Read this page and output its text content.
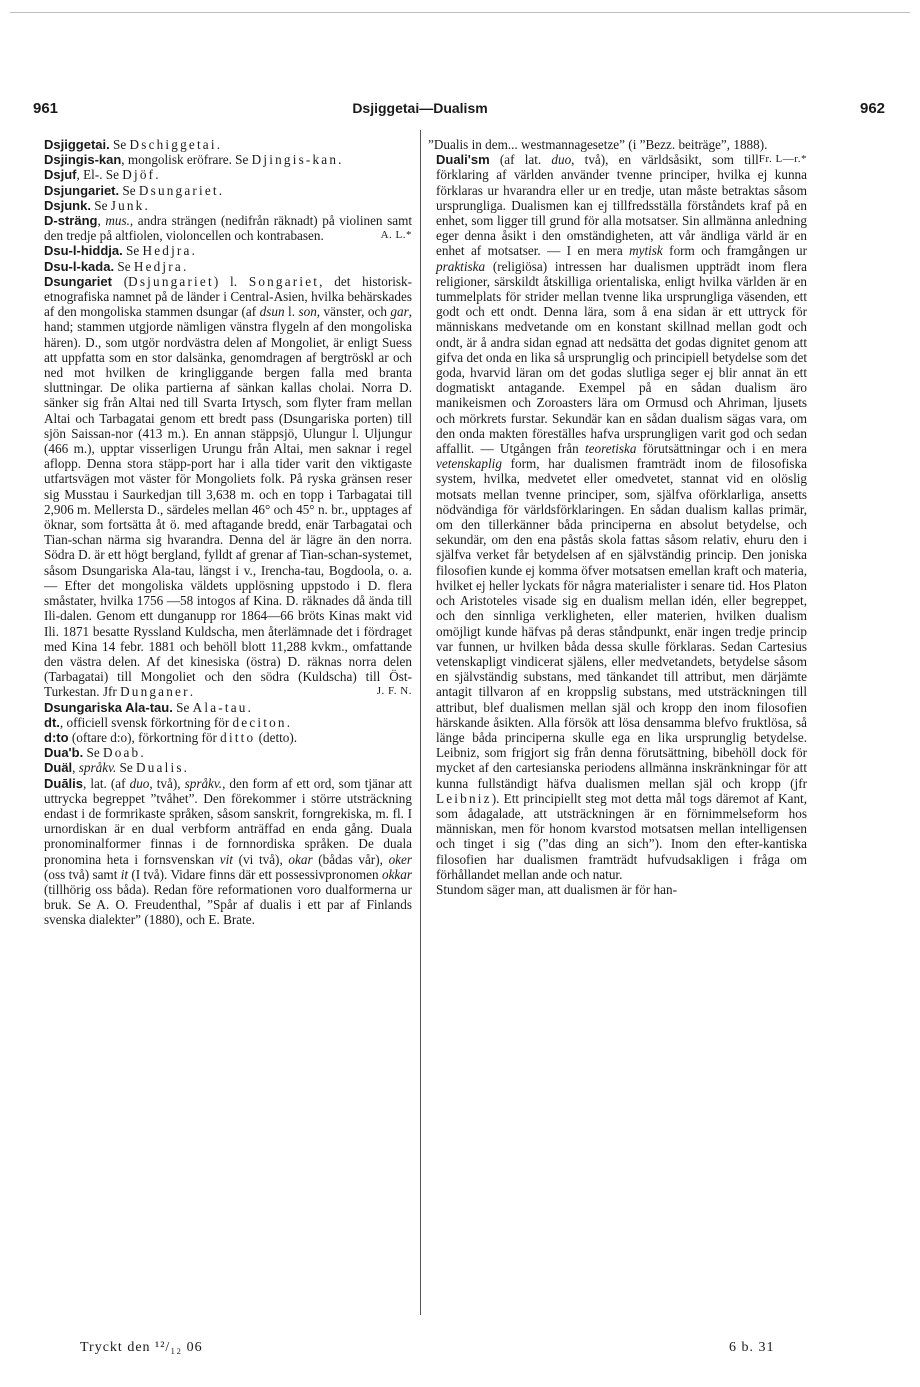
961	Dsjiggetai—Dualism	962

Dsjiggetai. Se Dschiggetai.

Dsjingis-kan, mongolisk eröfrare. Se Djingis-kan.

Dsjuf, El-. Se Djöf.

Dsjungariet. Se Dsungariet.

Dsjunk. Se Junk.

D-sträng, mus., andra strängen (nedifrån räknadt) på violinen samt den tredje på altfiolen, violoncellen och kontrabasen.	A. L.*

Dsu-l-hiddja. Se Hedjra.

Dsu-l-kada. Se Hedjra.

Dsungariet (Dsjungariet) l. Songariet, det historisk-etnografiska namnet på de länder i Central-Asien, hvilka behärskades af den mongoliska stammen dsungar (af dsun l. son, vänster, och gar, hand; stammen utgjorde nämligen vänstra flygeln af den mongoliska hären). D., som utgör nordvästra delen af Mongoliet, är enligt Suess att uppfatta som en stor dalsänka, genomdragen af bergtröskl ar och ned mot hvilken de kringliggande bergen falla med branta sluttningar. De olika partierna af sänkan kallas cholai. Norra D. sänker sig från Altai ned till Svarta Irtysch, som flyter fram mellan Altai och Tarbagatai genom ett bredt pass (Dsungariska porten) till sjön Saissan-nor (413 m.). En annan stäppsjö, Ulungur l. Uljungur (466 m.), upptar visserligen Urungu från Altai, men saknar i regel aflopp. Denna stora stäpp-port har i alla tider varit den viktigaste utfartsvägen mot väster för Mongoliets folk. På ryska gränsen reser sig Musstau i Saurkedjan till 3,638 m. och en topp i Tarbagatai till 2,906 m. Mellersta D., särdeles mellan 46° och 45° n. br., upptages af öknar, som fortsätta åt ö. med aftagande bredd, enär Tarbagatai och Tian-schan närma sig hvarandra. Denna del är lägre än den norra. Södra D. är ett högt bergland, fylldt af grenar af Tian-schan-systemet, såsom Dsungariska Ala-tau, längst i v., Irencha-tau, Bogdoola, o. a. — Efter det mongoliska väldets upplösning uppstodo i D. flera småstater, hvilka 1756 —58 intogos af Kina. D. räknades då ända till Ili-dalen. Genom ett dunganupp ror 1864—66 bröts Kinas makt vid Ili. 1871 besatte Ryssland Kuldscha, men återlämnade det i fördraget med Kina 14 febr. 1881 och behöll blott 11,288 kvkm., omfattande den västra delen. Af det kinesiska (östra) D. räknas norra delen (Tarbagatai) till Mongoliet och den södra (Kuldscha) till Öst-Turkestan. Jfr Dunganer.	J. F. N.

Dsungariska Ala-tau. Se Ala-tau.

dt., officiell svensk förkortning för deciton.

d:to (oftare d:o), förkortning för ditto (detto).

Dua'b. Se Doab.

Duäl, språkv. Se Dualis.

Duālis, lat. (af duo, två), språkv., den form af ett ord, som tjänar att uttrycka begreppet ”tvåhet”. Den förekommer i större utsträckning endast i de formrikaste språken, såsom sanskrit, forngrekiska, m. fl. I urnordiskan är en dual verbform anträffad en enda gång. Duala pronominalformer finnas i de fornnordiska språken. De duala pronomina heta i fornsvenskan vit (vi två), okar (bådas vår), oker (oss två) samt it (I två). Vidare finns där ett possessivpronomen okkar (tillhörig oss båda). Redan före reformationen voro dualformerna ur bruk. Se A. O. Freudenthal, ”Spår af dualis i ett par af Finlands svenska dialekter” (1880), och E. Brate.

”Dualis in dem... westmannagesetze” (i ”Bezz. beiträge”, 1888).
Fr. L—r.*

Duali'sm (af lat. duo, två), en världsåsikt, som till förklaring af världen använder tvenne principer, hvilka ej kunna förklaras ur hvarandra eller ur en tredje, utan måste betraktas såsom ursprungliga. Dualismen kan ej tillfredsställa förståndets kraf på en enhet, som ligger till grund för alla motsatser. Sin allmänna anledning eger denna åsikt i den omständigheten, att vår ändliga värld är en enhet af motsatser. — I en mera mytisk form och framgången ur praktiska (religiösa) intressen har dualismen uppträdt inom flera religioner, särskildt åtskilliga orientaliska, enligt hvilka världen är en tummelplats för strider mellan tvenne lika ursprungliga väsenden, ett godt och ett ondt. Denna lära, som å ena sidan är ett uttryck för människans medvetande om en konstant skillnad mellan godt och ondt, är å andra sidan egnad att nedsätta det godas dignitet genom att gifva det onda en lika så ursprunglig och principiell betydelse som det goda, hvarvid läran om det godas slutliga seger ej blir annat än ett dogmatiskt antagande. Exempel på en sådan dualism äro manikeismen och Zoroasters lära om Ormusd och Ahriman, ljusets och mörkrets furstar. Sekundär kan en sådan dualism sägas vara, om den onda makten föreställes hafva ursprungligen varit god och sedan affallit. — Utgången från teoretiska förutsättningar och i en mera vetenskaplig form, har dualismen framträdt inom de filosofiska system, hvilka, medvetet eller omedvetet, stannat vid en olöslig motsats mellan tvenne principer, som, själfva oförklarliga, ansetts nödvändiga för världsförklaringen. En sådan dualism kallas primär, om den tillerkänner båda principerna en absolut betydelse, och sekundär, om den ena påstås skola fattas såsom relativ, ehuru den i själfva verket får betydelsen af en självständig princip. Den joniska filosofien kunde ej komma öfver motsatsen emellan kraft och materia, hvilket ej heller lyckats för några materialister i senare tid. Hos Platon och Aristoteles visade sig en dualism mellan idén, eller begreppet, och den sinnliga verkligheten, eller materien, hvilken dualism omöjligt kunde häfvas på deras ståndpunkt, enär ingen tredje princip var funnen, ur hvilken båda dessa skulle förklaras. Sedan Cartesius vetenskapligt vindicerat själens, eller medvetandets, betydelse såsom en självständig substans, med tänkandet till attribut, men därjämte antagit tillvaron af en kroppslig substans, med utsträckningen till attribut, blef dualismen mellan själ och kropp den inom filosofien härskande åsikten. Alla försök att lösa densamma blefvo fruktlösa, så länge båda principerna skulle ega en lika ursprunglig betydelse. Leibniz, som frigjort sig från denna förutsättning, bibehöll dock för mycket af den cartesianska periodens allmänna inskränkningar för att kunna fullständigt häfva dualismen mellan själ och kropp (jfr Leibniz). Ett principiellt steg mot detta mål togs däremot af Kant, som ådagalade, att utsträckningen är en förnimmelseform hos människan, men för honom kvarstod motsatsen mellan intelligensen och tinget i sig (”das ding an sich”). Inom den efter-kantiska filosofien har dualismen framträdt hufvudsakligen i fråga om förhållandet mellan ande och natur.

Stundom säger man, att dualismen är för han-

Tryckt den ¹²/₁₂ 06	6 b. 31
